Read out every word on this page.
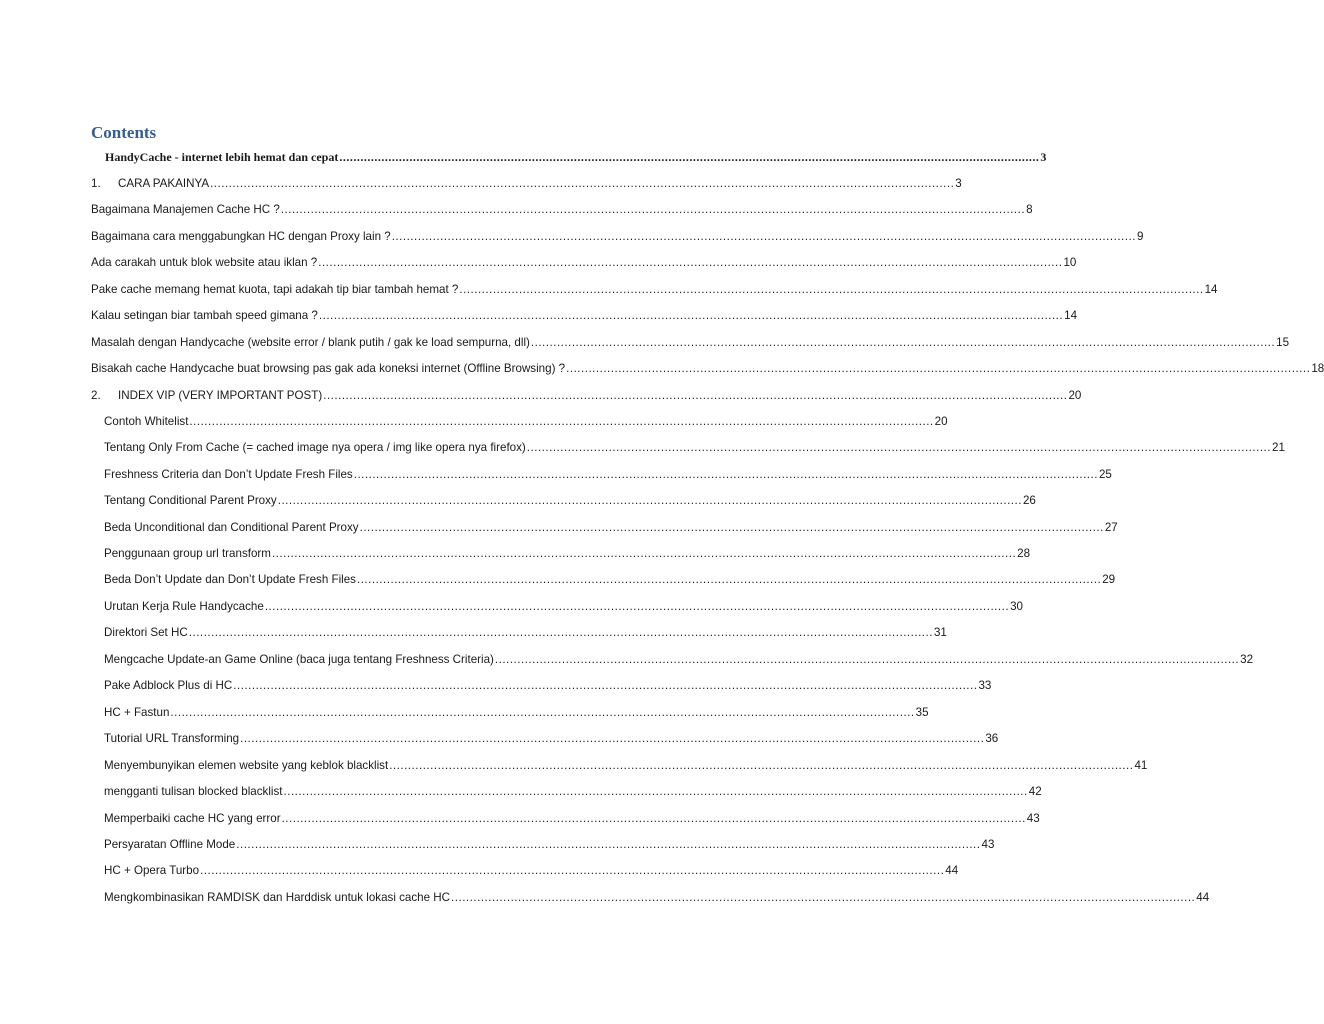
Contents
HandyCache - internet lebih hemat dan cepat .....	3
1.	CARA PAKAINYA .....	3
Bagaimana Manajemen Cache HC ? .....	8
Bagaimana cara menggabungkan HC dengan Proxy lain ? .....	9
Ada carakah untuk blok website atau iklan ? .....	10
Pake cache memang hemat kuota, tapi adakah tip biar tambah hemat ? .....	14
Kalau setingan biar tambah speed gimana ? .....	14
Masalah dengan Handycache (website error / blank putih / gak ke load sempurna, dll) .....	15
Bisakah cache Handycache buat browsing pas gak ada koneksi internet (Offline Browsing) ? .....	18
2.	INDEX VIP (VERY IMPORTANT POST) .....	20
Contoh Whitelist .....	20
Tentang Only From Cache (= cached image nya opera / img like opera nya firefox) .....	21
Freshness Criteria dan Don’t Update Fresh Files .....	25
Tentang Conditional Parent Proxy .....	26
Beda Unconditional dan Conditional Parent Proxy .....	27
Penggunaan group url transform .....	28
Beda Don’t Update dan Don’t Update Fresh Files .....	29
Urutan Kerja Rule Handycache .....	30
Direktori Set HC .....	31
Mengcache Update-an Game Online (baca juga tentang Freshness Criteria) .....	32
Pake Adblock Plus di HC .....	33
HC + Fastun .....	35
Tutorial URL Transforming .....	36
Menyembunyikan elemen website yang keblok blacklist .....	41
mengganti tulisan blocked blacklist .....	42
Memperbaiki cache HC yang error .....	43
Persyaratan Offline Mode .....	43
HC + Opera Turbo .....	44
Mengkombinasikan RAMDISK dan Harddisk untuk lokasi cache HC .....	44
